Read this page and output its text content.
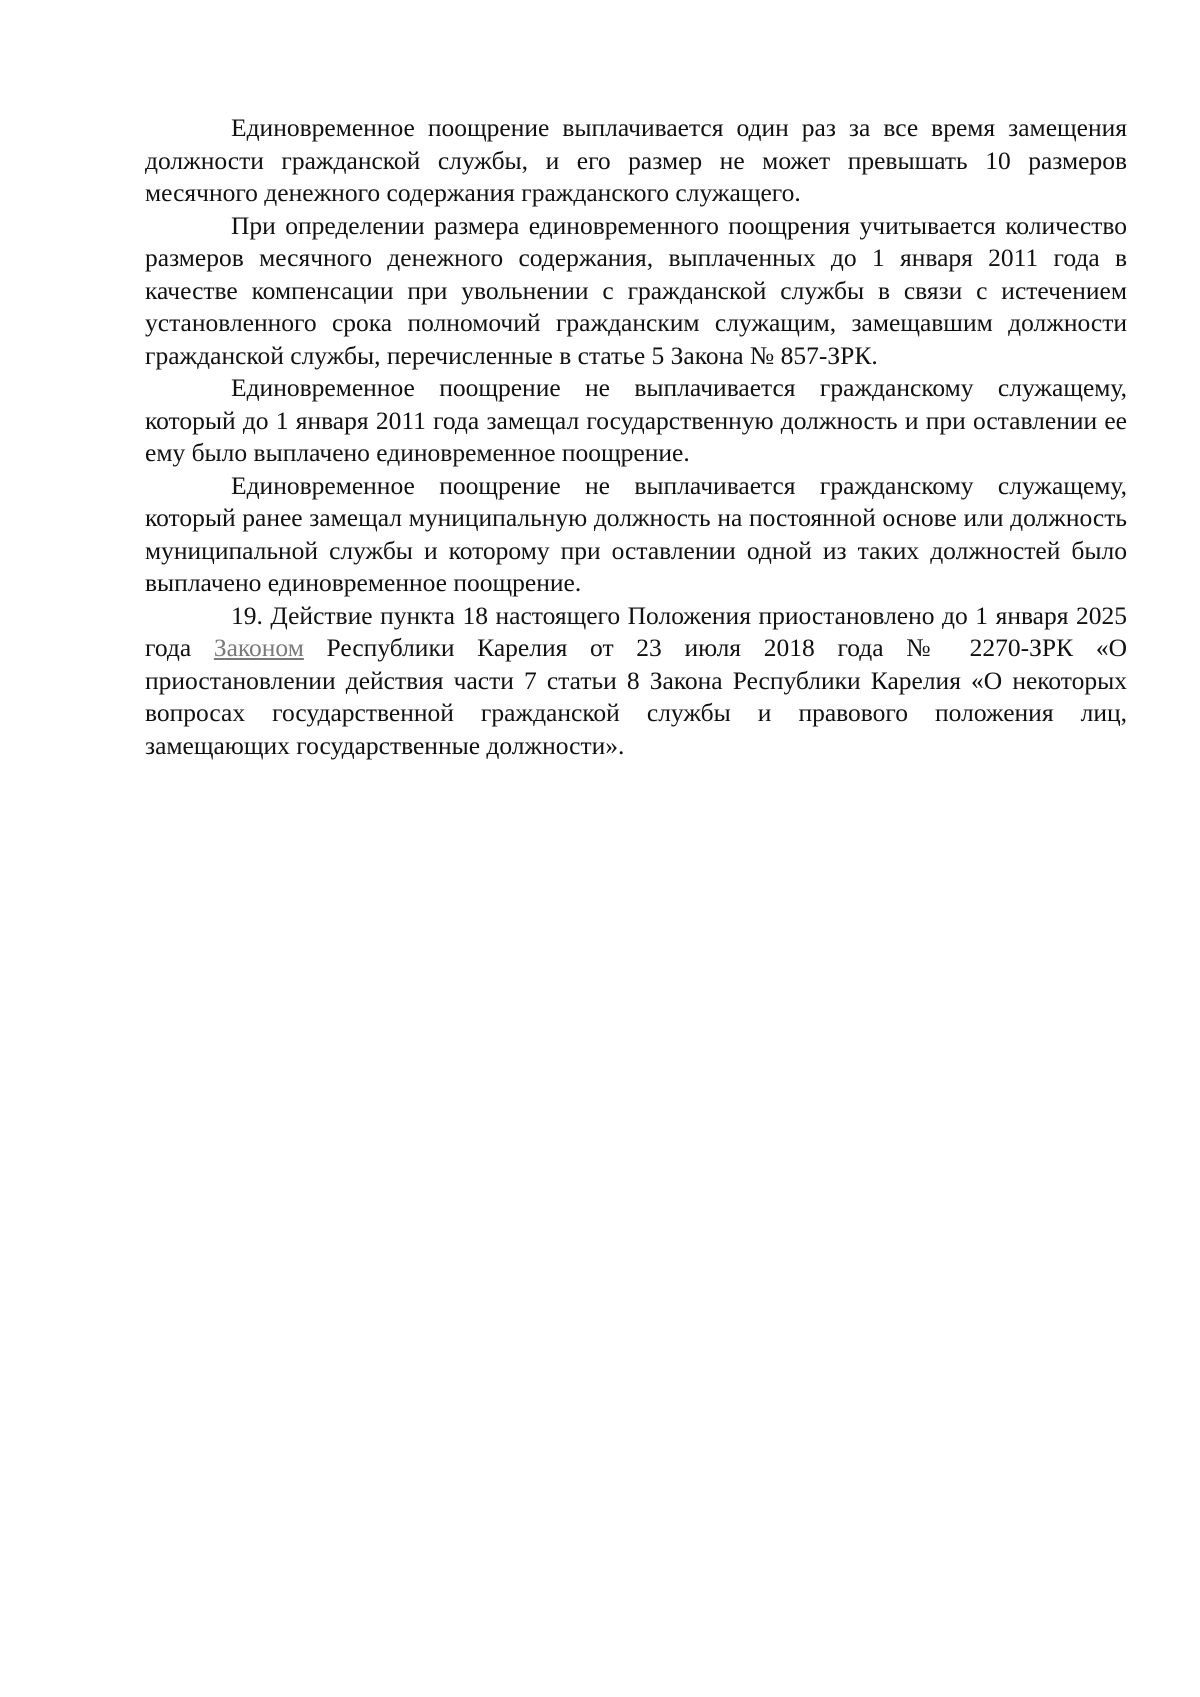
Единовременное поощрение выплачивается один раз за все время замещения должности гражданской службы, и его размер не может превышать 10 размеров месячного денежного содержания гражданского служащего.

При определении размера единовременного поощрения учитывается количество размеров месячного денежного содержания, выплаченных до 1 января 2011 года в качестве компенсации при увольнении с гражданской службы в связи с истечением установленного срока полномочий гражданским служащим, замещавшим должности гражданской службы, перечисленные в статье 5 Закона № 857-ЗРК.

Единовременное поощрение не выплачивается гражданскому служащему, который до 1 января 2011 года замещал государственную должность и при оставлении ее ему было выплачено единовременное поощрение.

Единовременное поощрение не выплачивается гражданскому служащему, который ранее замещал муниципальную должность на постоянной основе или должность муниципальной службы и которому при оставлении одной из таких должностей было выплачено единовременное поощрение.

19. Действие пункта 18 настоящего Положения приостановлено до 1 января 2025 года Законом Республики Карелия от 23 июля 2018 года № 2270-ЗРК «О приостановлении действия части 7 статьи 8 Закона Республики Карелия «О некоторых вопросах государственной гражданской службы и правового положения лиц, замещающих государственные должности».
